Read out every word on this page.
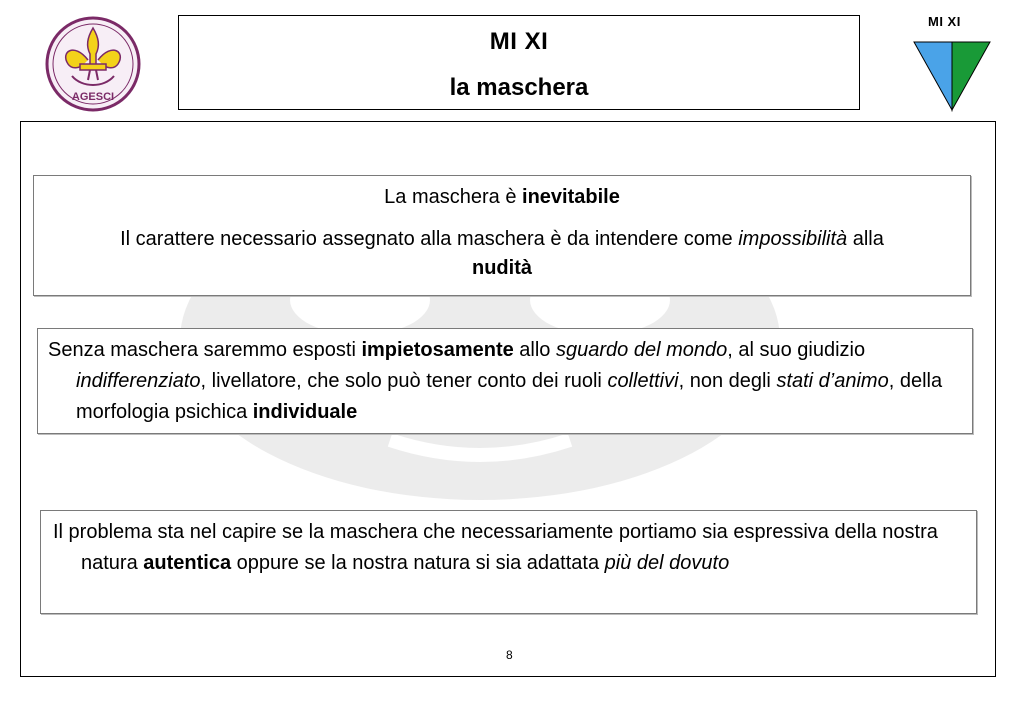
AGESCI
MI XI
la maschera
MI XI

La maschera è inevitabile

Il carattere necessario assegnato alla maschera è da intendere come impossibilità alla nudità

Senza maschera saremmo esposti impietosamente allo sguardo del mondo, al suo giudizio indifferenziato, livellatore, che solo può tener conto dei ruoli collettivi, non degli stati d’animo, della morfologia psichica individuale

Il problema sta nel capire se la maschera che necessariamente portiamo sia espressiva della nostra natura autentica oppure se la nostra natura si sia adattata più del dovuto

8
